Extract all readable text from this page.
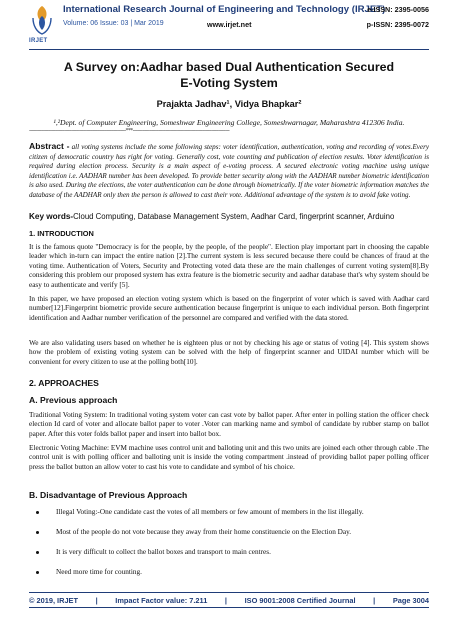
IRJET
International Research Journal of Engineering and Technology (IRJET)
e-ISSN: 2395-0056
Volume: 06 Issue: 03 | Mar 2019	www.irjet.net	p-ISSN: 2395-0072
A Survey on:Aadhar based Dual Authentication Secured
E-Voting System
Prajakta Jadhav¹, Vidya Bhapkar²
¹,²Dept. of Computer Engineering, Someshwar Engineering College, Someshwarnagar, Maharashtra 412306 India.
---------------------------------------------------------------------***---------------------------------------------------------------------
Abstract - all voting systems include the some following steps: voter identification, authentication, voting and recording of votes.Every citizen of democratic country has right for voting. Generally cost, vote counting and publication of election results. Voter identification is required during election process. Security is a main aspect of e-voting process. A secured electronic voting machine using unique identification i.e. AADHAR number has been developed. To provide better security along with the AADHAR number biometric identification is also used. During the elections, the voter authentication can be done through biometrically. If the voter biometric information matches the database of the AADHAR only then the person is allowed to cast their vote. Additional advantage of the system is to avoid fake voting.
Key words-Cloud Computing, Database Management System, Aadhar Card, fingerprint scanner, Arduino
1. INTRODUCTION
It is the famous quote "Democracy is for the people, by the people, of the people". Election play important part in choosing the capable leader which in-turn can impact the entire nation [2].The current system is less secured because there could be chances of fraud at the voting time. Authentication of Voters, Security and Protecting voted data these are the main challenges of current voting system[8].By considering this problem our proposed system has extra feature is the biometric security and aadhar database that's why system should be easy to authenticate and verify [5].
In this paper, we have proposed an election voting system which is based on the fingerprint of voter which is saved with Aadhar card number[12].Fingerprint biometric provide secure authentication because fingerprint is unique to each individual person. Both fingerprint identification and Aadhar number verification of the personnel are compared and verified with the data stored.
We are also validating users based on whether he is eighteen plus or not by checking his age or status of voting [4]. This system shows how the problem of existing voting system can be solved with the help of fingerprint scanner and UIDAI number which will be convenient for every citizen to use at the polling both[10].
2. APPROACHES
A. Previous approach
Traditional Voting System: In traditional voting system voter can cast vote by ballot paper. After enter in polling station the officer check election Id card of voter and allocate ballot paper to voter .Voter can marking name and symbol of candidate by rubber stamp on ballot paper. After this voter folds ballot paper and insert into ballot box.
Electronic Voting Machine: EVM machine uses control unit and balloting unit and this two units are joined each other through cable .The control unit is with polling officer and balloting unit is inside the voting compartment .instead of providing ballot paper polling officer press the ballot button an allow voter to cast his vote to candidate and symbol of his choice.
B. Disadvantage of Previous Approach
Illegal Voting:-One candidate cast the votes of all members or few amount of members in the list illegally.
Most of the people do not vote because they away from their home constituencie on the Election Day.
It is very difficult to collect the ballot boxes and transport to main centres.
Need more time for counting.
© 2019, IRJET | Impact Factor value: 7.211 | ISO 9001:2008 Certified Journal | Page 3004
